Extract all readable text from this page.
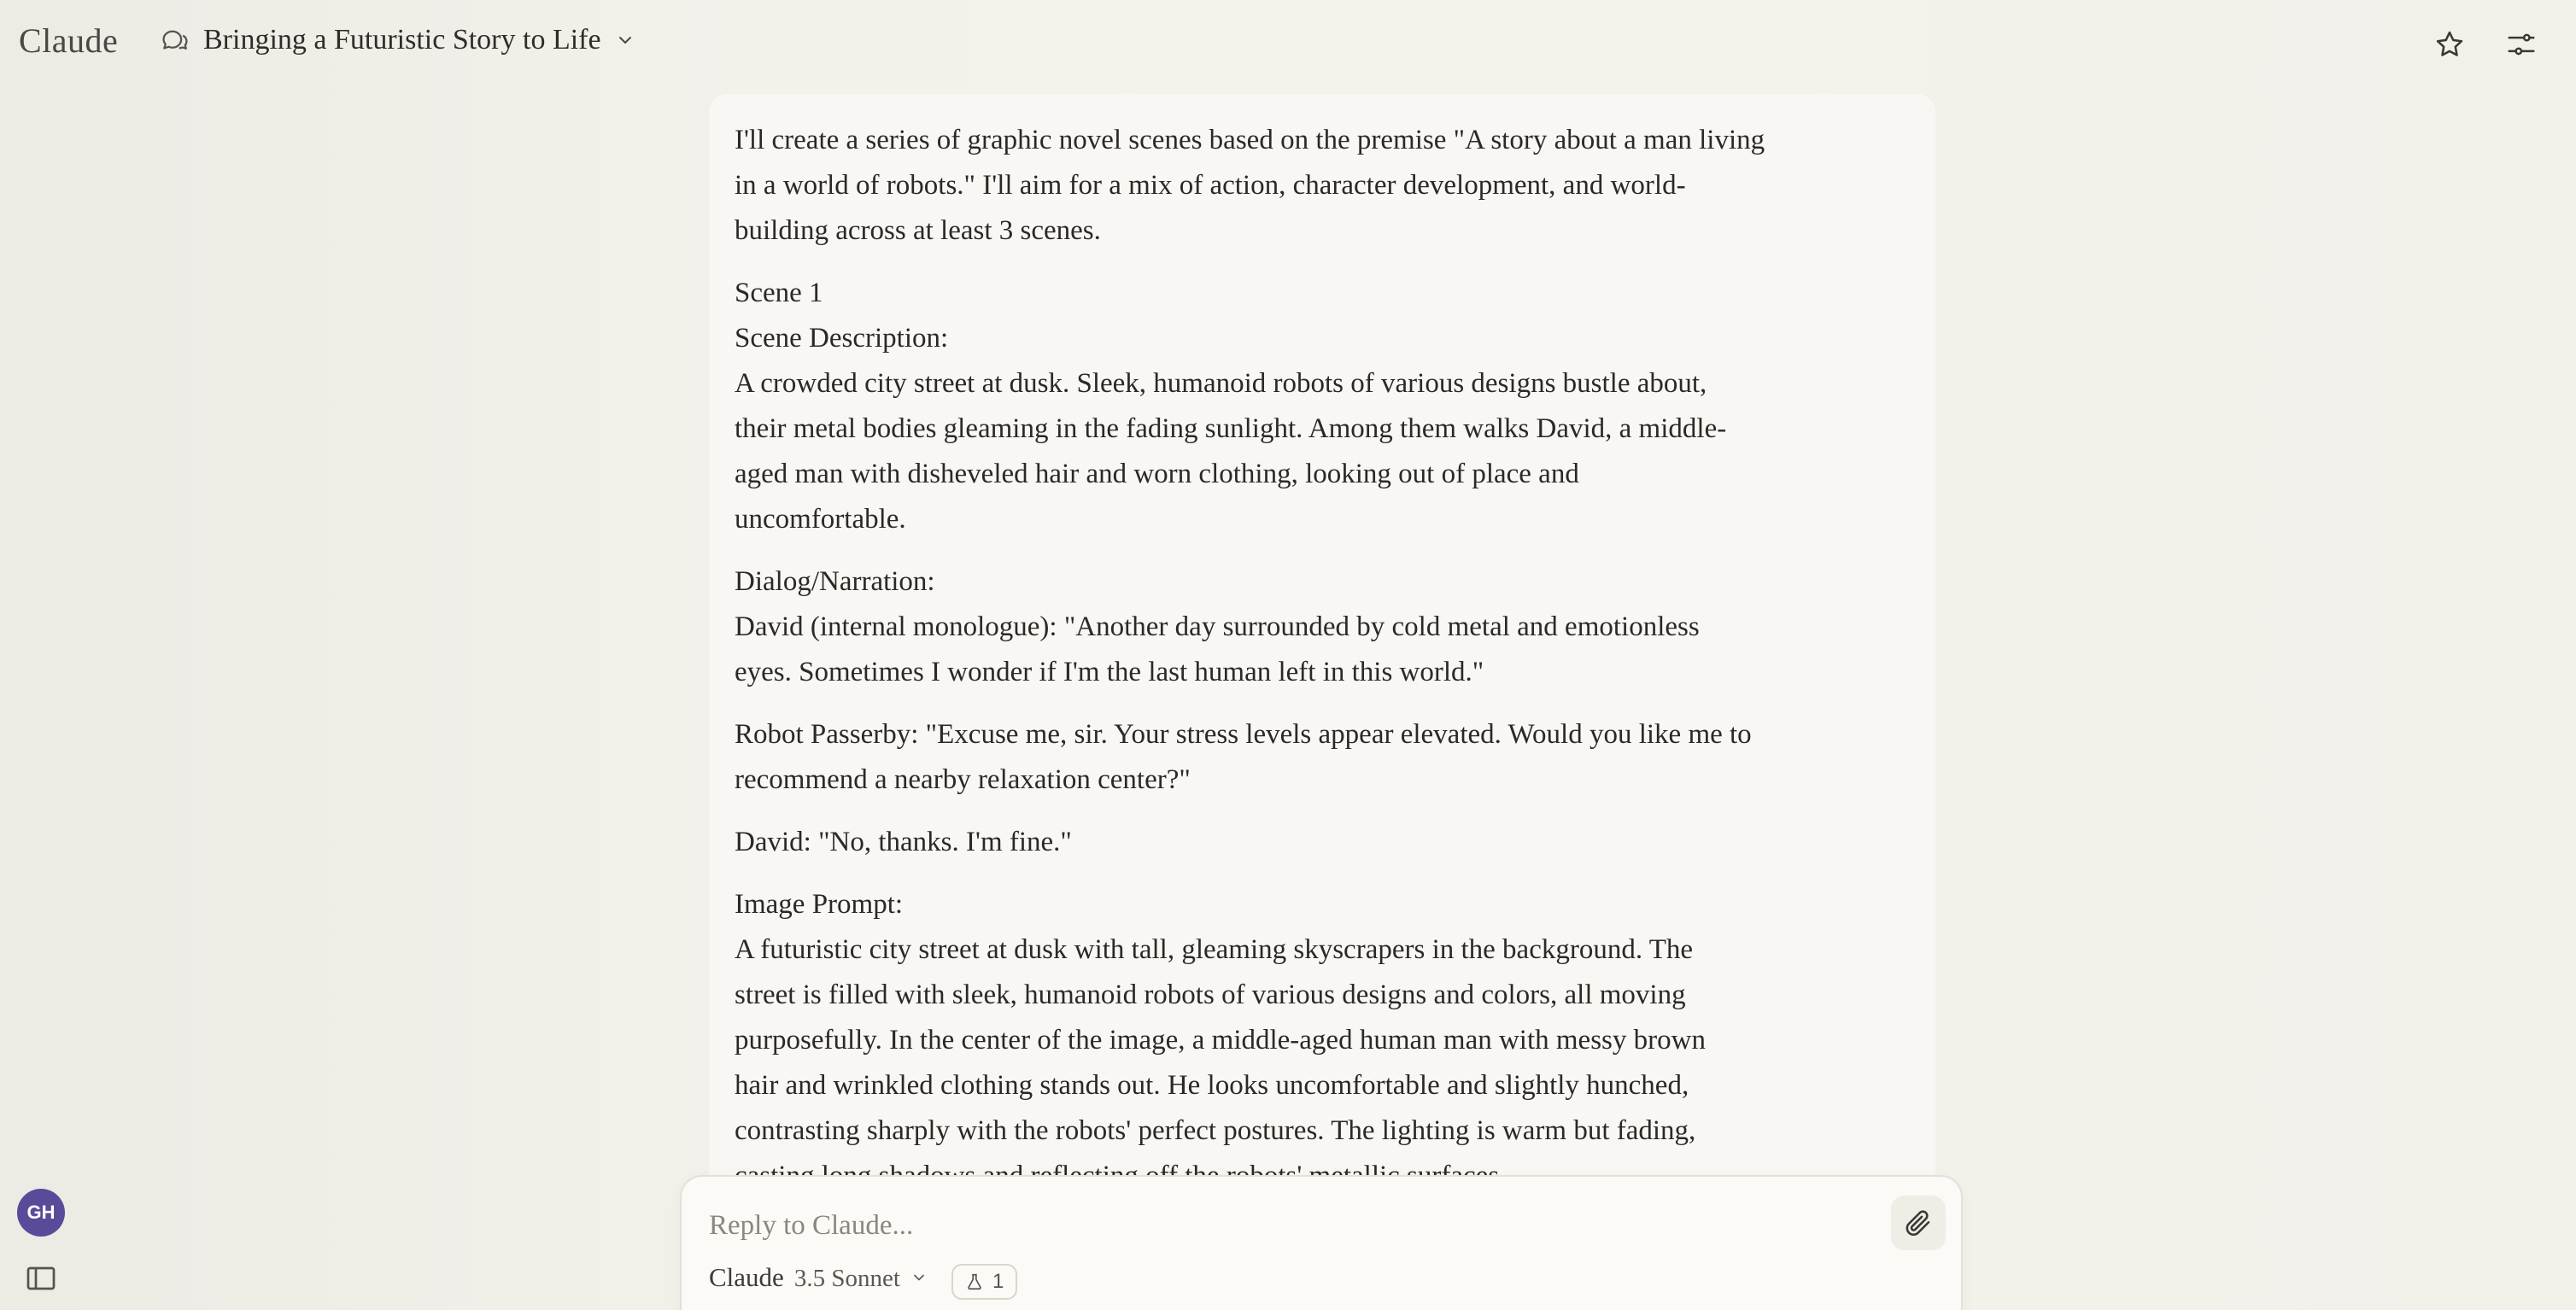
Claude	Bringing a Futuristic Story to Life
I'll create a series of graphic novel scenes based on the premise "A story about a man living
in a world of robots." I'll aim for a mix of action, character development, and world-
building across at least 3 scenes.
Scene 1
Scene Description:
A crowded city street at dusk. Sleek, humanoid robots of various designs bustle about,
their metal bodies gleaming in the fading sunlight. Among them walks David, a middle-
aged man with disheveled hair and worn clothing, looking out of place and
uncomfortable.
Dialog/Narration:
David (internal monologue): "Another day surrounded by cold metal and emotionless
eyes. Sometimes I wonder if I'm the last human left in this world."
Robot Passerby: "Excuse me, sir. Your stress levels appear elevated. Would you like me to
recommend a nearby relaxation center?"
David: "No, thanks. I'm fine."
Image Prompt:
A futuristic city street at dusk with tall, gleaming skyscrapers in the background. The
street is filled with sleek, humanoid robots of various designs and colors, all moving
purposefully. In the center of the image, a middle-aged human man with messy brown
hair and wrinkled clothing stands out. He looks uncomfortable and slightly hunched,
contrasting sharply with the robots' perfect postures. The lighting is warm but fading,
Reply to Claude...
Claude 3.5 Sonnet	1
GH
